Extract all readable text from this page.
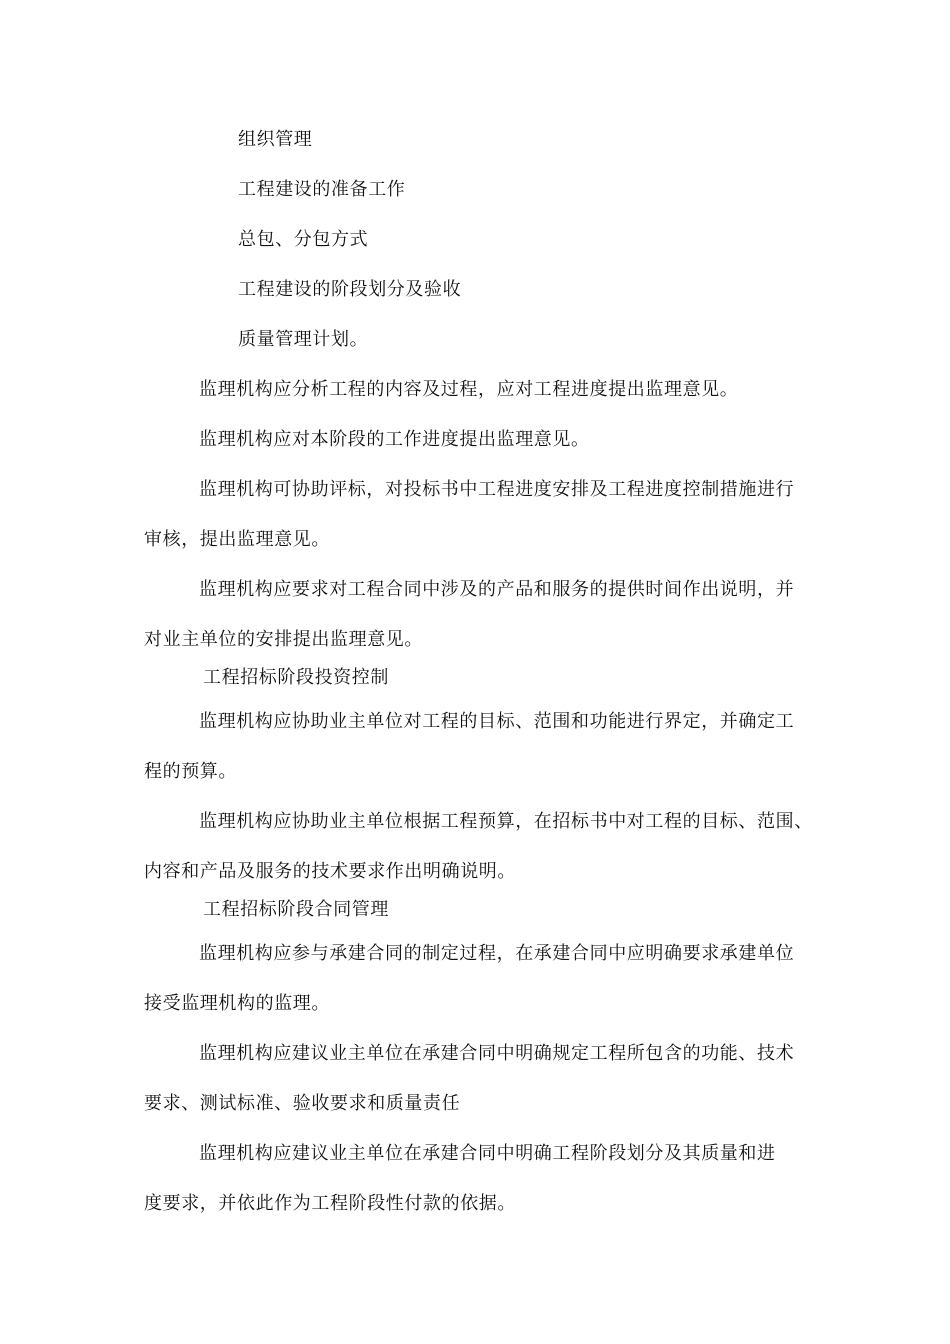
组织管理
工程建设的准备工作
总包、分包方式
工程建设的阶段划分及验收
质量管理计划。
监理机构应分析工程的内容及过程，应对工程进度提出监理意见。
监理机构应对本阶段的工作进度提出监理意见。
监理机构可协助评标，对投标书中工程进度安排及工程进度控制措施进行
审核，提出监理意见。
监理机构应要求对工程合同中涉及的产品和服务的提供时间作出说明，并
对业主单位的安排提出监理意见。
工程招标阶段投资控制
监理机构应协助业主单位对工程的目标、范围和功能进行界定，并确定工
程的预算。
监理机构应协助业主单位根据工程预算，在招标书中对工程的目标、范围、
内容和产品及服务的技术要求作出明确说明。
工程招标阶段合同管理
监理机构应参与承建合同的制定过程，在承建合同中应明确要求承建单位
接受监理机构的监理。
监理机构应建议业主单位在承建合同中明确规定工程所包含的功能、技术
要求、测试标准、验收要求和质量责任
监理机构应建议业主单位在承建合同中明确工程阶段划分及其质量和进
度要求，并依此作为工程阶段性付款的依据。
